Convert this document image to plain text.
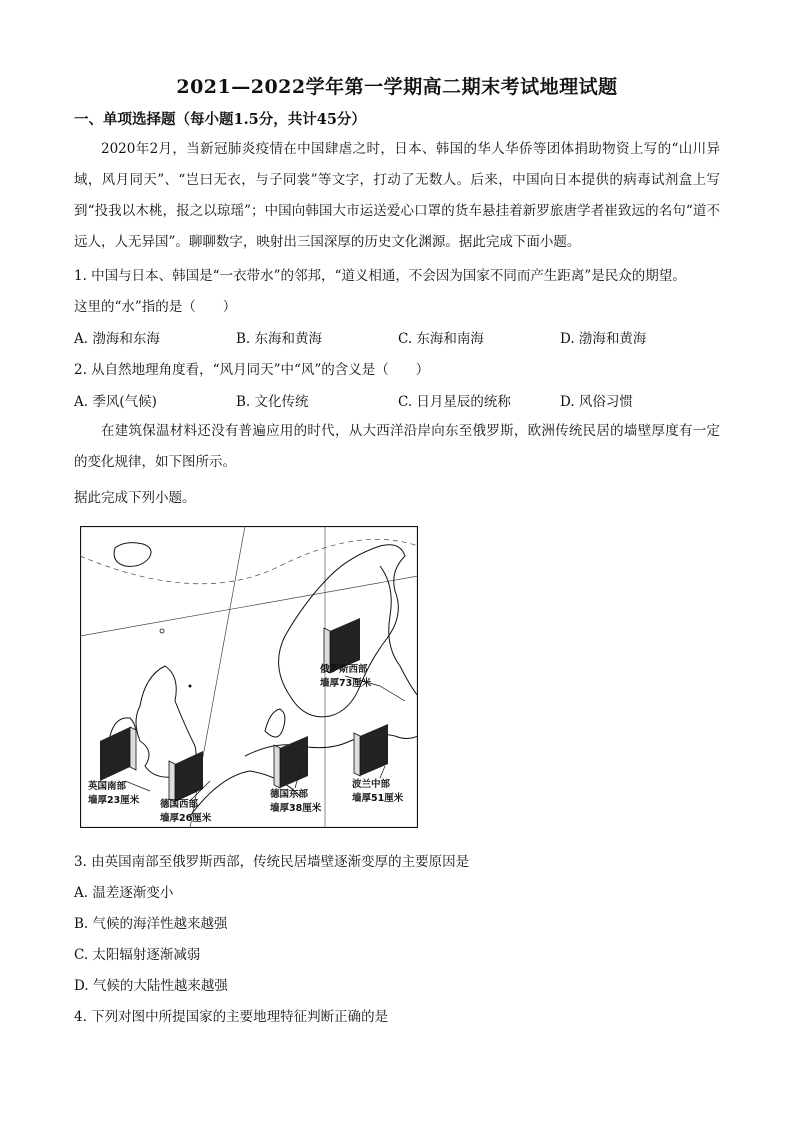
2021—2022学年第一学期高二期末考试地理试题
一、单项选择题（每小题1.5分，共计45分）
2020年2月，当新冠肺炎疫情在中国肆虐之时，日本、韩国的华人华侨等团体捐助物资上写的“山川异域，风月同天”、“岂曰无衣，与子同裳”等文字，打动了无数人。后来，中国向日本提供的病毒试剂盒上写到“投我以木桃，报之以琼瑶”；中国向韩国大市运送爱心口罩的货车悬挂着新罗旅唐学者崔致远的名句“道不远人，人无异国”。聊聊数字，映射出三国深厚的历史文化渊源。据此完成下面小题。
1. 中国与日本、韩国是“一衣带水”的邻邦，“道义相通，不会因为国家不同而产生距离”是民众的期望。
这里的“水”指的是（　　）
A. 渤海和东海	B. 东海和黄海	C. 东海和南海	D. 渤海和黄海
2. 从自然地理角度看，“风月同天”中“风”的含义是（　　）
A. 季风(气候)	B. 文化传统	C. 日月星辰的统称	D. 风俗习惯
在建筑保温材料还没有普遍应用的时代，从大西洋沿岸向东至俄罗斯，欧洲传统民居的墙壁厚度有一定的变化规律，如下图所示。
据此完成下列小题。
英国南部
墙厚23厘米 德国西部
墙厚26厘米
德国东部
墙厚38厘米
波兰中部
墙厚51厘米
俄罗斯西部
墙厚73厘米
3. 由英国南部至俄罗斯西部，传统民居墙壁逐渐变厚的主要原因是
A. 温差逐渐变小
B. 气候的海洋性越来越强
C. 太阳辐射逐渐减弱
D. 气候的大陆性越来越强
4. 下列对图中所提国家的主要地理特征判断正确的是
